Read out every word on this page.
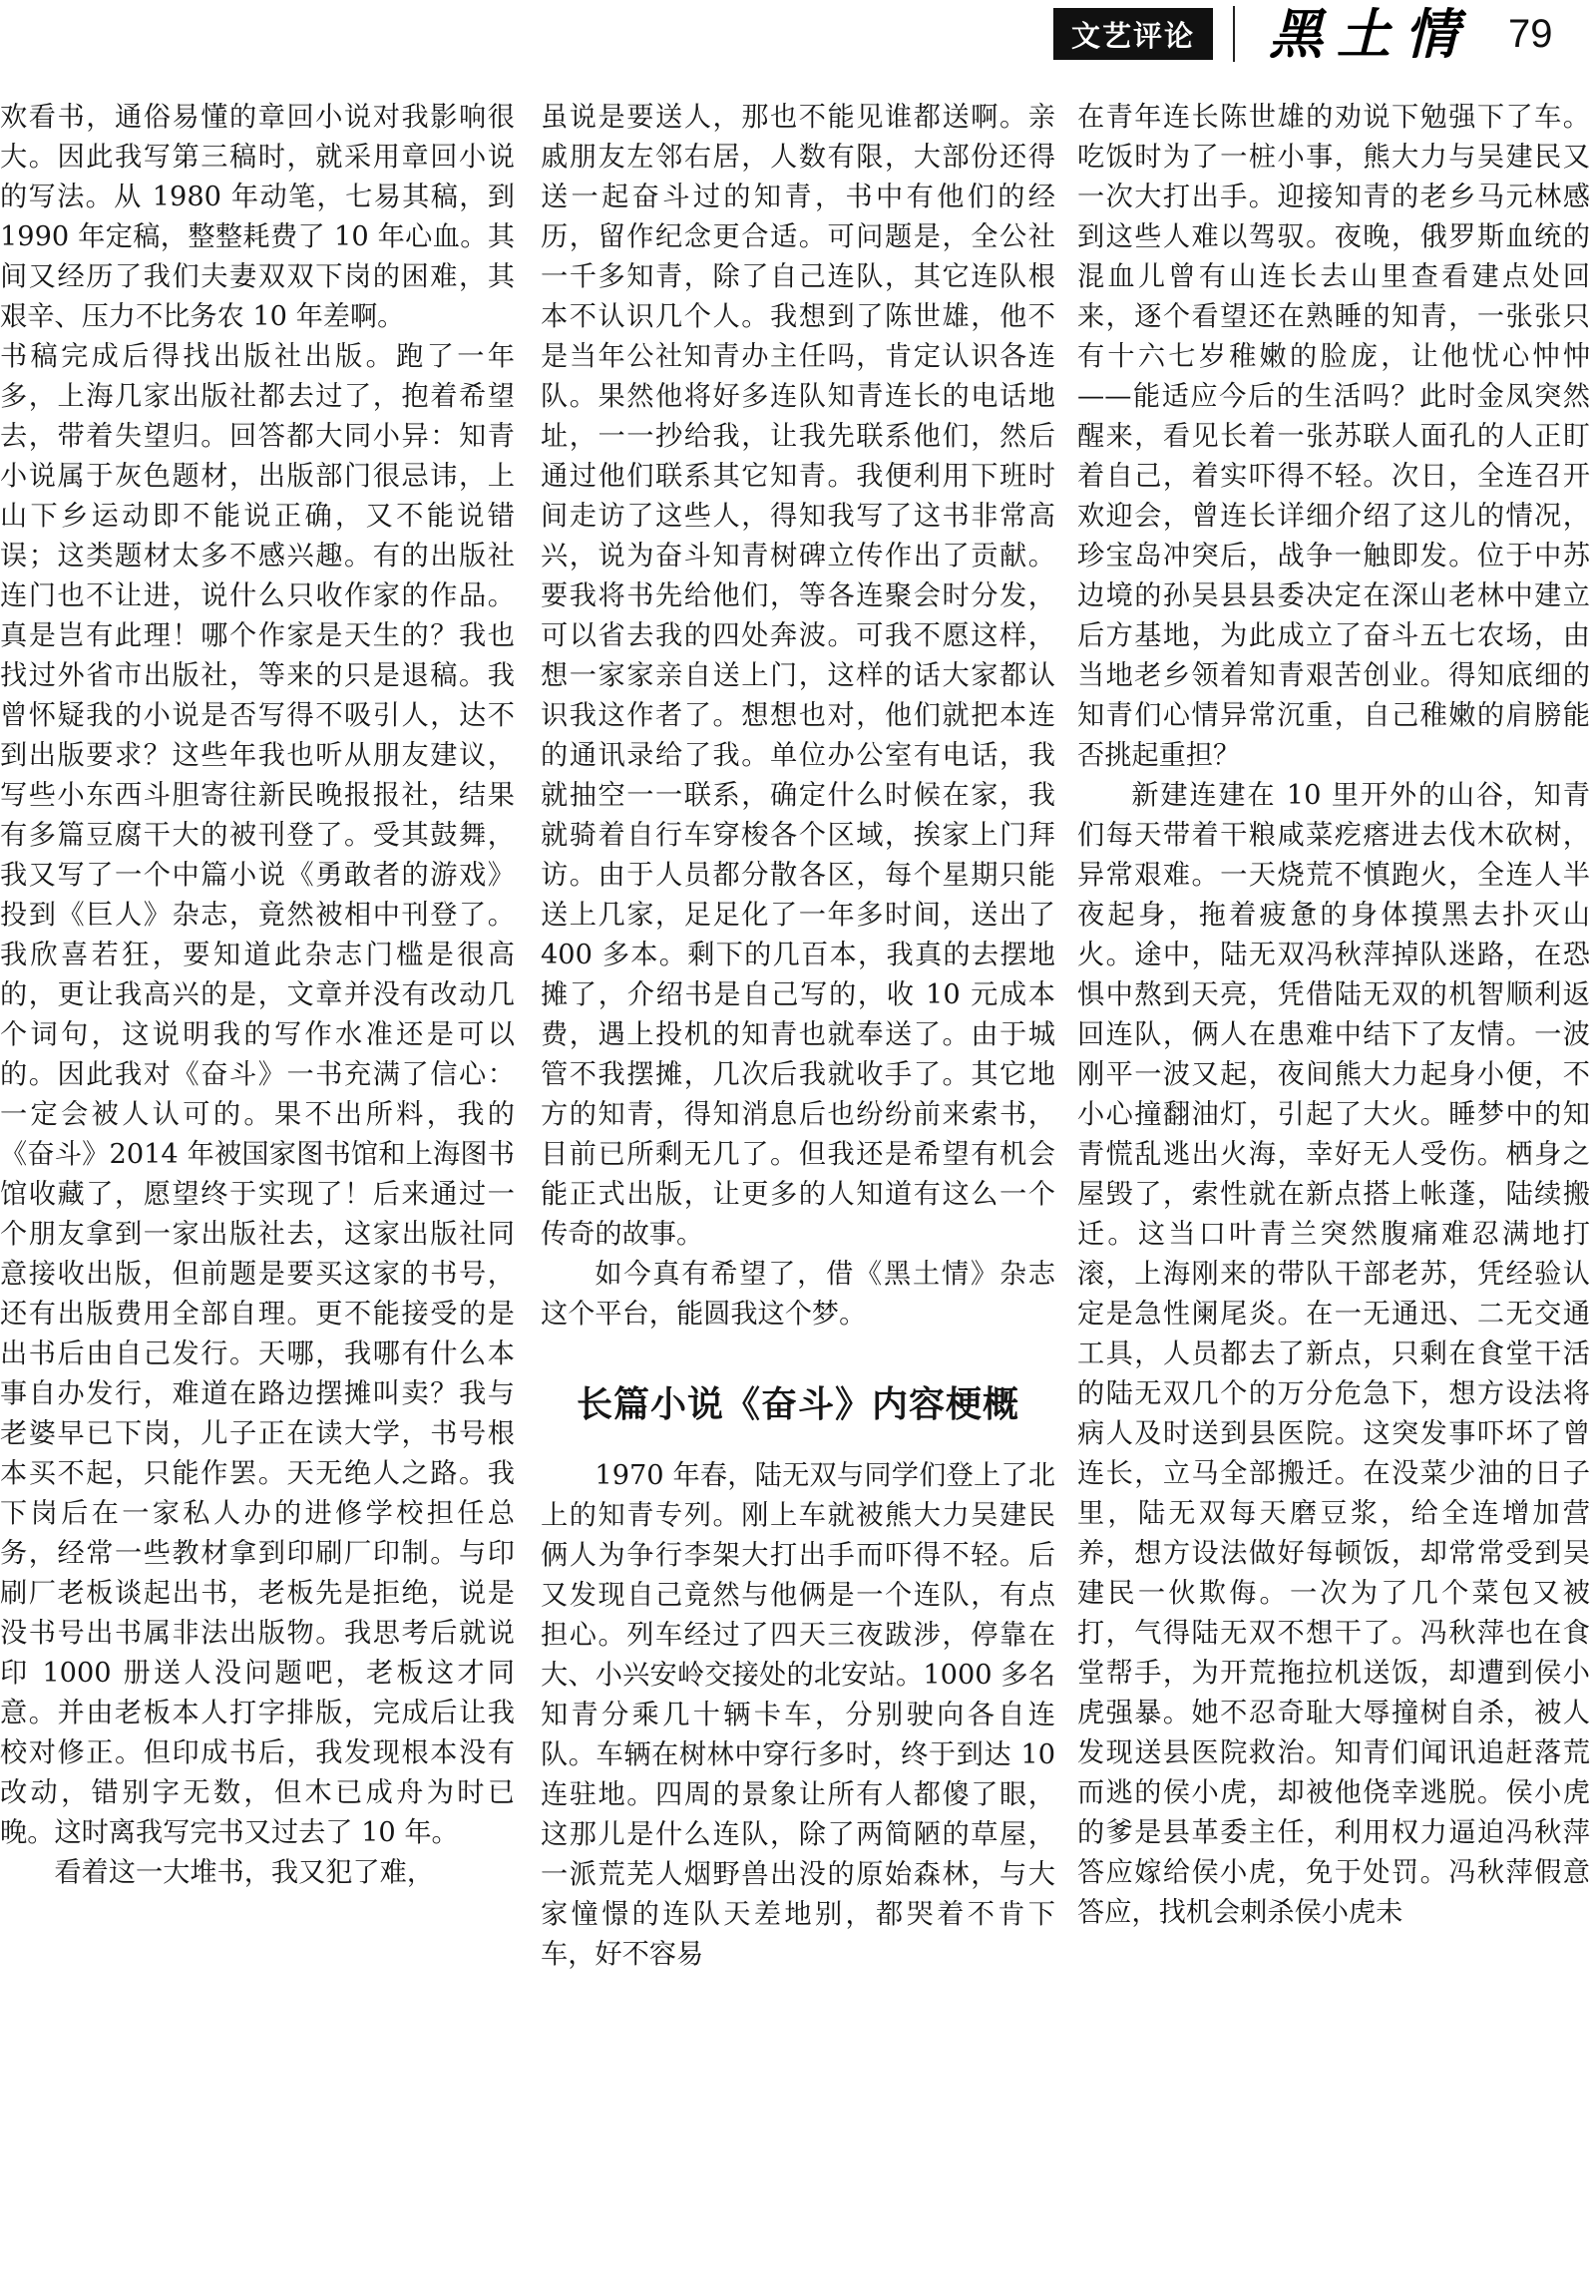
文艺评论	黑土情 79

欢看书，通俗易懂的章回小说对我影响很大。因此我写第三稿时，就采用章回小说的写法。从 1980 年动笔，七易其稿，到 1990 年定稿，整整耗费了 10 年心血。其间又经历了我们夫妻双双下岗的困难，其艰辛、压力不比务农 10 年差啊。

书稿完成后得找出版社出版。跑了一年多，上海几家出版社都去过了，抱着希望去，带着失望归。回答都大同小异：知青小说属于灰色题材，出版部门很忌讳，上山下乡运动即不能说正确，又不能说错误；这类题材太多不感兴趣。有的出版社连门也不让进，说什么只收作家的作品。真是岂有此理！哪个作家是天生的？我也找过外省市出版社，等来的只是退稿。我曾怀疑我的小说是否写得不吸引人，达不到出版要求？这些年我也听从朋友建议，写些小东西斗胆寄往新民晚报报社，结果有多篇豆腐干大的被刊登了。受其鼓舞，我又写了一个中篇小说《勇敢者的游戏》投到《巨人》杂志，竟然被相中刊登了。我欣喜若狂，要知道此杂志门槛是很高的，更让我高兴的是，文章并没有改动几个词句，这说明我的写作水准还是可以的。因此我对《奋斗》一书充满了信心：一定会被人认可的。果不出所料，我的《奋斗》2014 年被国家图书馆和上海图书馆收藏了，愿望终于实现了！后来通过一个朋友拿到一家出版社去，这家出版社同意接收出版，但前题是要买这家的书号，还有出版费用全部自理。更不能接受的是出书后由自己发行。天哪，我哪有什么本事自办发行，难道在路边摆摊叫卖？我与老婆早已下岗，儿子正在读大学，书号根本买不起，只能作罢。天无绝人之路。我下岗后在一家私人办的进修学校担任总务，经常一些教材拿到印刷厂印制。与印刷厂老板谈起出书，老板先是拒绝，说是没书号出书属非法出版物。我思考后就说印 1000 册送人没问题吧，老板这才同意。并由老板本人打字排版，完成后让我校对修正。但印成书后，我发现根本没有改动，错别字无数，但木已成舟为时已晚。这时离我写完书又过去了 10 年。

看着这一大堆书，我又犯了难，

虽说是要送人，那也不能见谁都送啊。亲戚朋友左邻右居，人数有限，大部份还得送一起奋斗过的知青，书中有他们的经历，留作纪念更合适。可问题是，全公社一千多知青，除了自己连队，其它连队根本不认识几个人。我想到了陈世雄，他不是当年公社知青办主任吗，肯定认识各连队。果然他将好多连队知青连长的电话地址，一一抄给我，让我先联系他们，然后通过他们联系其它知青。我便利用下班时间走访了这些人，得知我写了这书非常高兴，说为奋斗知青树碑立传作出了贡献。要我将书先给他们，等各连聚会时分发，可以省去我的四处奔波。可我不愿这样，想一家家亲自送上门，这样的话大家都认识我这作者了。想想也对，他们就把本连的通讯录给了我。单位办公室有电话，我就抽空一一联系，确定什么时候在家，我就骑着自行车穿梭各个区域，挨家上门拜访。由于人员都分散各区，每个星期只能送上几家，足足化了一年多时间，送出了 400 多本。剩下的几百本，我真的去摆地摊了，介绍书是自己写的，收 10 元成本费，遇上投机的知青也就奉送了。由于城管不我摆摊，几次后我就收手了。其它地方的知青，得知消息后也纷纷前来索书，目前已所剩无几了。但我还是希望有机会能正式出版，让更多的人知道有这么一个传奇的故事。

如今真有希望了，借《黑土情》杂志这个平台，能圆我这个梦。

长篇小说《奋斗》内容梗概

1970 年春，陆无双与同学们登上了北上的知青专列。刚上车就被熊大力吴建民俩人为争行李架大打出手而吓得不轻。后又发现自己竟然与他俩是一个连队，有点担心。列车经过了四天三夜跋涉，停靠在大、小兴安岭交接处的北安站。1000 多名知青分乘几十辆卡车，分别驶向各自连队。车辆在树林中穿行多时，终于到达 10 连驻地。四周的景象让所有人都傻了眼，这那儿是什么连队，除了两简陋的草屋，一派荒芜人烟野兽出没的原始森林，与大家憧憬的连队天差地别，都哭着不肯下车，好不容易

在青年连长陈世雄的劝说下勉强下了车。吃饭时为了一桩小事，熊大力与吴建民又一次大打出手。迎接知青的老乡马元林感到这些人难以驾驭。夜晚，俄罗斯血统的混血儿曾有山连长去山里查看建点处回来，逐个看望还在熟睡的知青，一张张只有十六七岁稚嫩的脸庞，让他忧心忡忡——能适应今后的生活吗？此时金凤突然醒来，看见长着一张苏联人面孔的人正盯着自己，着实吓得不轻。次日，全连召开欢迎会，曾连长详细介绍了这儿的情况，珍宝岛冲突后，战争一触即发。位于中苏边境的孙吴县县委决定在深山老林中建立后方基地，为此成立了奋斗五七农场，由当地老乡领着知青艰苦创业。得知底细的知青们心情异常沉重，自己稚嫩的肩膀能否挑起重担？

新建连建在 10 里开外的山谷，知青们每天带着干粮咸菜疙瘩进去伐木砍树，异常艰难。一天烧荒不慎跑火，全连人半夜起身，拖着疲惫的身体摸黑去扑灭山火。途中，陆无双冯秋萍掉队迷路，在恐惧中熬到天亮，凭借陆无双的机智顺利返回连队，俩人在患难中结下了友情。一波刚平一波又起，夜间熊大力起身小便，不小心撞翻油灯，引起了大火。睡梦中的知青慌乱逃出火海，幸好无人受伤。栖身之屋毁了，索性就在新点搭上帐蓬，陆续搬迁。这当口叶青兰突然腹痛难忍满地打滚，上海刚来的带队干部老苏，凭经验认定是急性阑尾炎。在一无通迅、二无交通工具，人员都去了新点，只剩在食堂干活的陆无双几个的万分危急下，想方设法将病人及时送到县医院。这突发事吓坏了曾连长，立马全部搬迁。在没菜少油的日子里，陆无双每天磨豆浆，给全连增加营养，想方设法做好每顿饭，却常常受到吴建民一伙欺侮。一次为了几个菜包又被打，气得陆无双不想干了。冯秋萍也在食堂帮手，为开荒拖拉机送饭，却遭到侯小虎强暴。她不忍奇耻大辱撞树自杀，被人发现送县医院救治。知青们闻讯追赶落荒而逃的侯小虎，却被他侥幸逃脱。侯小虎的爹是县革委主任，利用权力逼迫冯秋萍答应嫁给侯小虎，免于处罚。冯秋萍假意答应，找机会刺杀侯小虎未
